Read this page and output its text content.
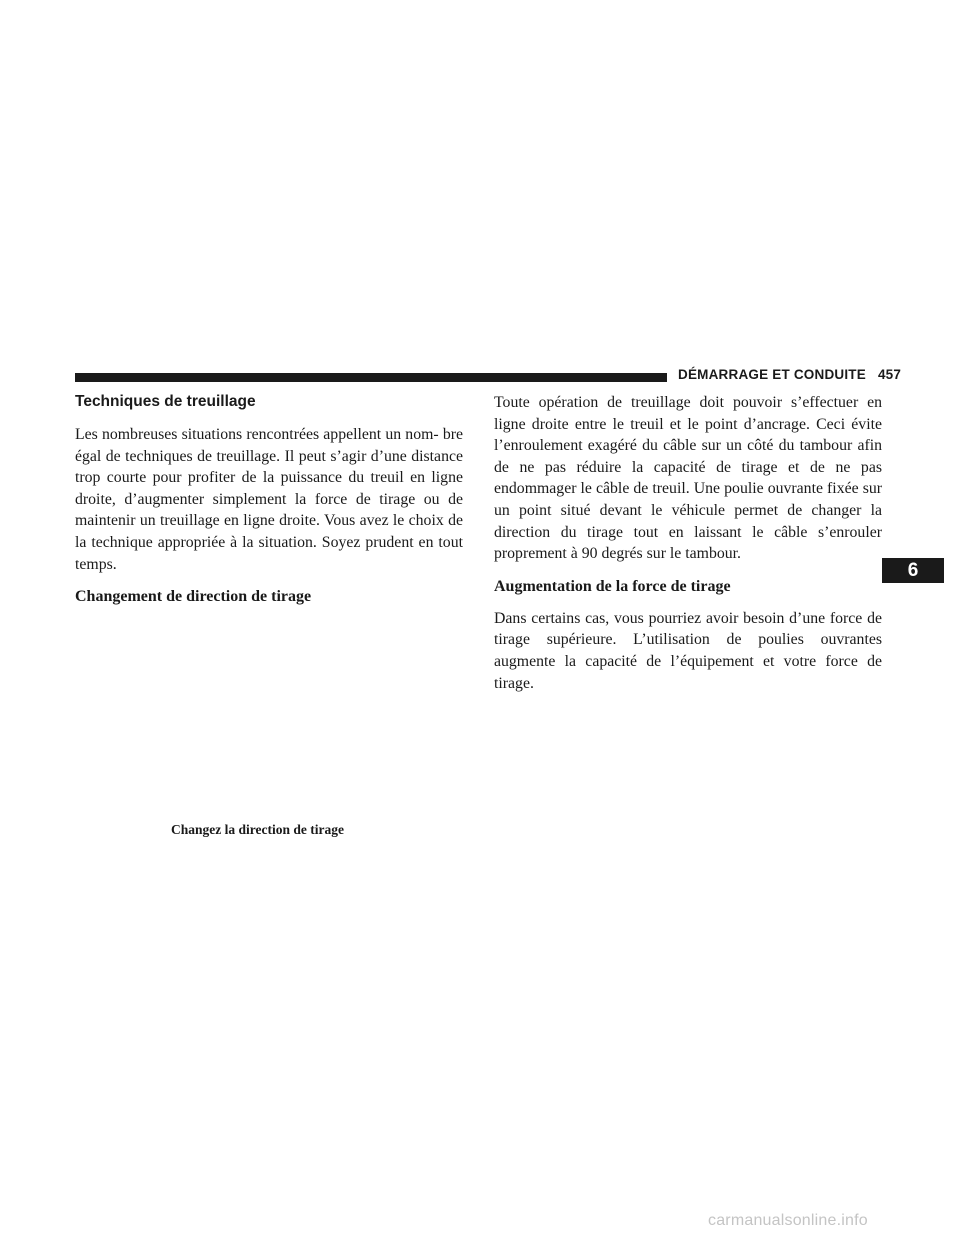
DÉMARRAGE ET CONDUITE 457
Techniques de treuillage

Les nombreuses situations rencontrées appellent un nom- bre égal de techniques de treuillage. Il peut s’agir d’une distance trop courte pour profiter de la puissance du treuil en ligne droite, d’augmenter simplement la force de tirage ou de maintenir un treuillage en ligne droite. Vous avez le choix de la technique appropriée à la situation. Soyez prudent en tout temps.

Changement de direction de tirage
Changez la direction de tirage

Toute opération de treuillage doit pouvoir s’effectuer en ligne droite entre le treuil et le point d’ancrage. Ceci évite l’enroulement exagéré du câble sur un côté du tambour afin de ne pas réduire la capacité de tirage et de ne pas endommager le câble de treuil. Une poulie ouvrante fixée sur un point situé devant le véhicule permet de changer la direction du tirage tout en laissant le câble s’enrouler proprement à 90 degrés sur le tambour.

Augmentation de la force de tirage

Dans certains cas, vous pourriez avoir besoin d’une force de tirage supérieure. L’utilisation de poulies ouvrantes augmente la capacité de l’équipement et votre force de tirage.

6
carmanualsonline.info
